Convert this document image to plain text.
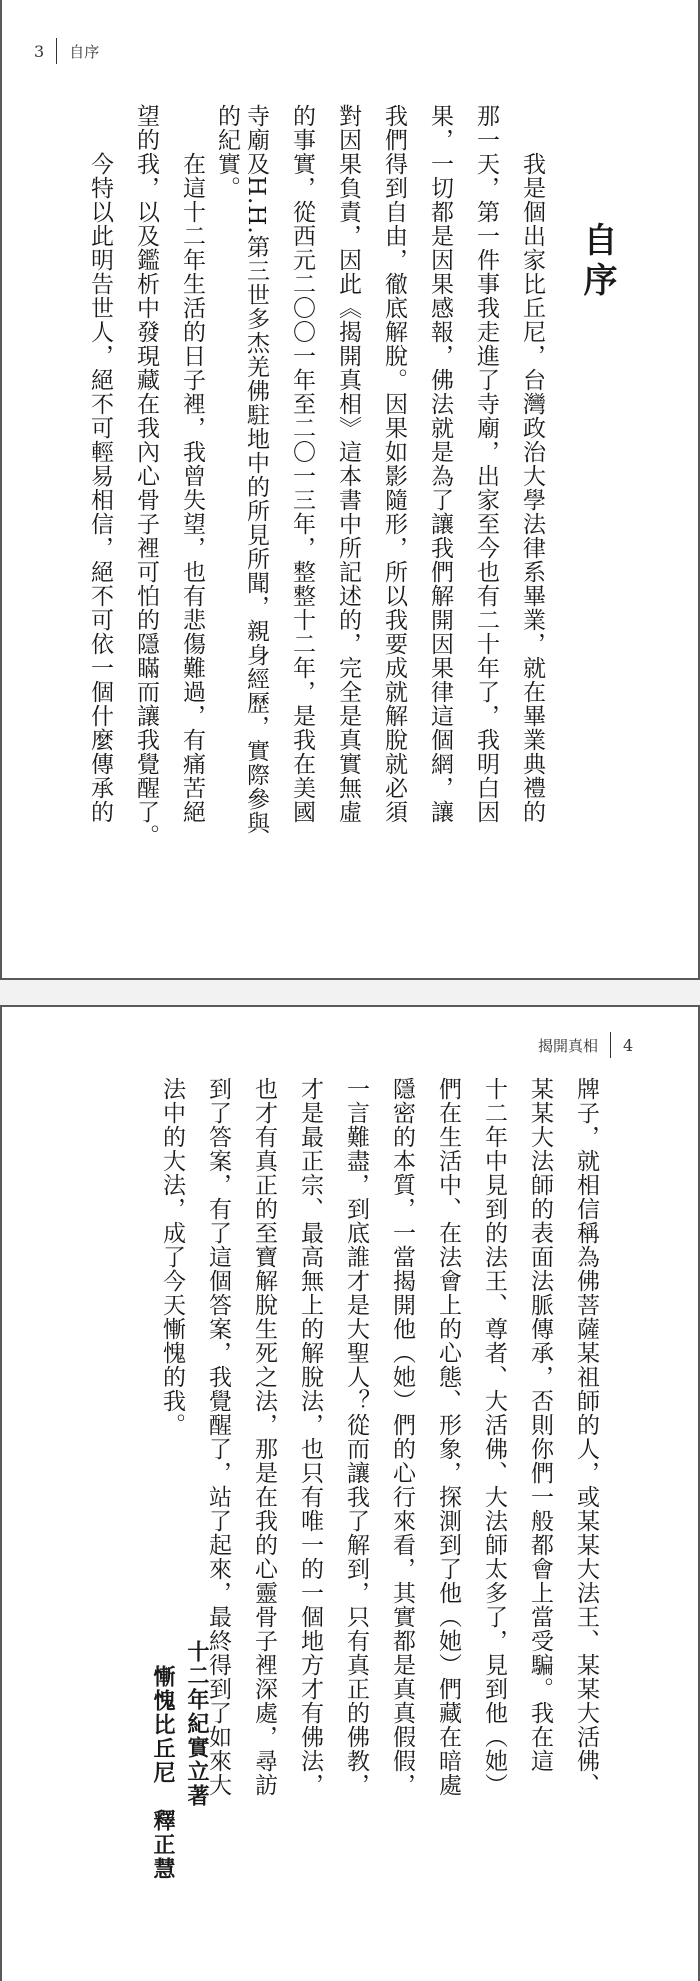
3 自序
自序
我是個出家比丘尼，台灣政治大學法律系畢業，就在畢業典禮的
那一天，第一件事我走進了寺廟，出家至今也有二十年了，我明白因
果，一切都是因果感報，佛法就是為了讓我們解開因果律這個網，讓
我們得到自由，徹底解脫。因果如影隨形，所以我要成就解脫就必須
對因果負責，因此《揭開真相》這本書中所記述的，完全是真實無虛
的事實，從西元二〇〇一年至二〇一三年，整整十二年，是我在美國
寺廟及H.H.第三世多杰羌佛駐地中的所見所聞，親身經歷，實際參與
的紀實。
在這十二年生活的日子裡，我曾失望，也有悲傷難過，有痛苦絕
望的我，以及鑑析中發現藏在我內心骨子裡可怕的隱瞞而讓我覺醒了。
今特以此明告世人，絕不可輕易相信，絕不可依一個什麼傳承的
揭開真相 4
牌子，就相信稱為佛菩薩某祖師的人，或某某大法王、某某大活佛、
某某大法師的表面法脈傳承，否則你們一般都會上當受騙。我在這
十二年中見到的法王、尊者、大活佛、大法師太多了，見到他（她）
們在生活中、在法會上的心態、形象，探測到了他（她）們藏在暗處
隱密的本質，一當揭開他（她）們的心行來看，其實都是真真假假，
一言難盡，到底誰才是大聖人？從而讓我了解到，只有真正的佛教，
才是最正宗、最高無上的解脫法，也只有唯一的一個地方才有佛法，
也才有真正的至寶解脫生死之法，那是在我的心靈骨子裡深處，尋訪
到了答案，有了這個答案，我覺醒了，站了起來，最終得到了如來大
法中的大法，成了今天慚愧的我。
十二年紀實立著
慚愧比丘尼　釋正慧
